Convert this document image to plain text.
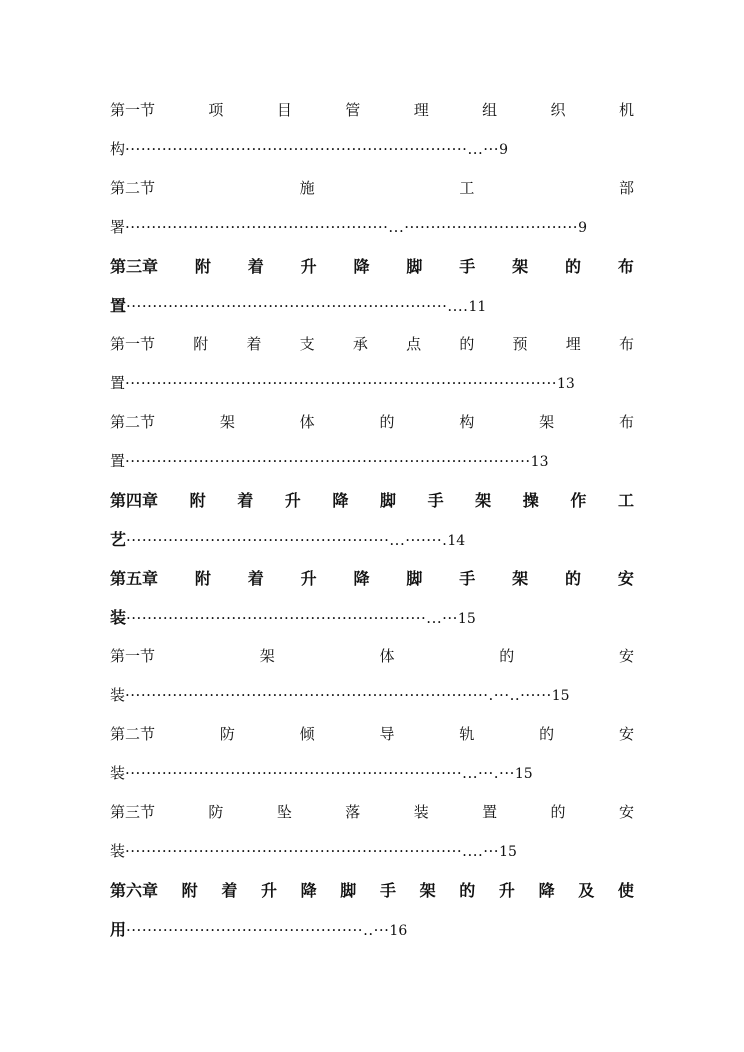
第一节	项	目	管	理	组	织	机
构·································································...···9
第二节	施	工	部
署··················································...·································9
第三章 附 着 升 降 脚 手 架 的 布
置·····························································....11
第一节	附	着	支	承	点	的	预	埋	布
置··················································································13
第二节	架	体	的	构	架	布
置·············································································13
第四章 附 着 升 降 脚 手 架 操 作 工
艺··················································...·······.14
第五章 附 着 升 降 脚 手 架 的 安
装·························································...···15
第一节	架	体	的	安
装·····································································.···..······15
第二节	防	倾	导	轨	的	安
装································································...···.···15
第三节	防	坠	落	装	置	的	安
装································································....···15
第六章 附 着 升 降 脚 手 架 的 升 降 及 使
用·············································..···16
